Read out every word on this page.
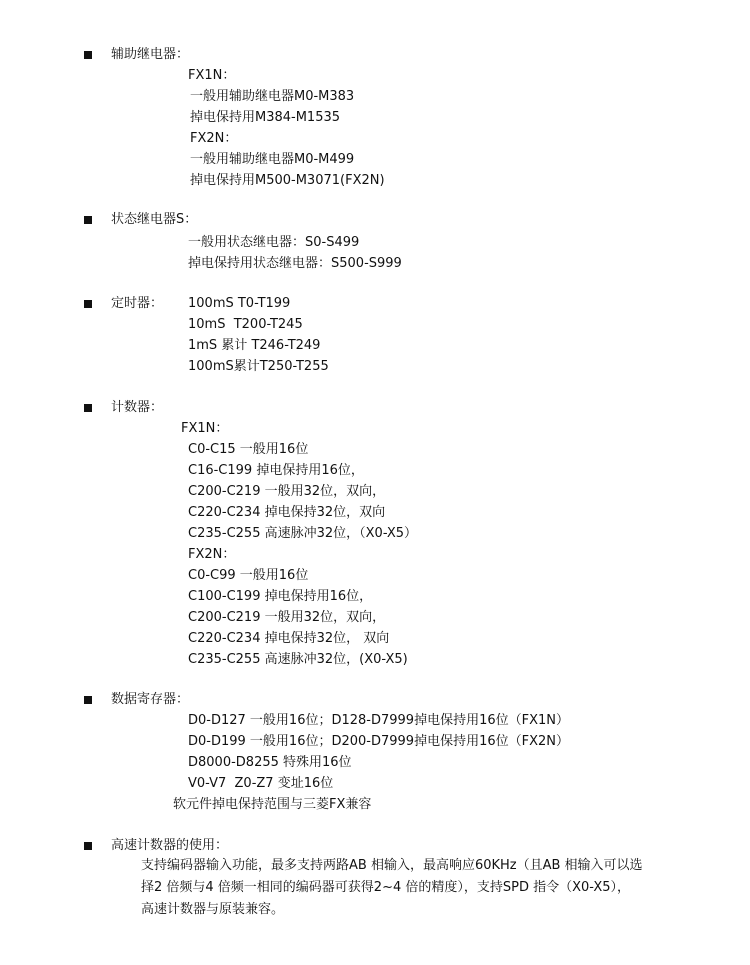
辅助继电器：
FX1N：
一般用辅助继电器M0-M383
掉电保持用M384-M1535
FX2N：
一般用辅助继电器M0-M499
掉电保持用M500-M3071(FX2N)
状态继电器S：
一般用状态继电器：S0-S499
掉电保持用状态继电器：S500-S999
定时器： 100mS T0-T199
10mS  T200-T245
1mS 累计 T246-T249
100mS累计T250-T255
计数器：
FX1N：
C0-C15 一般用16位
C16-C199 掉电保持用16位，
C200-C219 一般用32位，双向，
C220-C234 掉电保持32位，双向
C235-C255 高速脉冲32位，（X0-X5）
FX2N：
C0-C99 一般用16位
C100-C199 掉电保持用16位，
C200-C219 一般用32位，双向，
C220-C234 掉电保持32位， 双向
C235-C255 高速脉冲32位，(X0-X5)
数据寄存器：
D0-D127 一般用16位；D128-D7999掉电保持用16位（FX1N）
D0-D199 一般用16位；D200-D7999掉电保持用16位（FX2N）
D8000-D8255 特殊用16位
V0-V7  Z0-Z7 变址16位
软元件掉电保持范围与三菱FX兼容
高速计数器的使用：
支持编码器输入功能，最多支持两路AB 相输入，最高响应60KHz（且AB 相输入可以选
择2 倍频与4 倍频一相同的编码器可获得2~4 倍的精度），支持SPD 指令（X0-X5），
高速计数器与原装兼容。
